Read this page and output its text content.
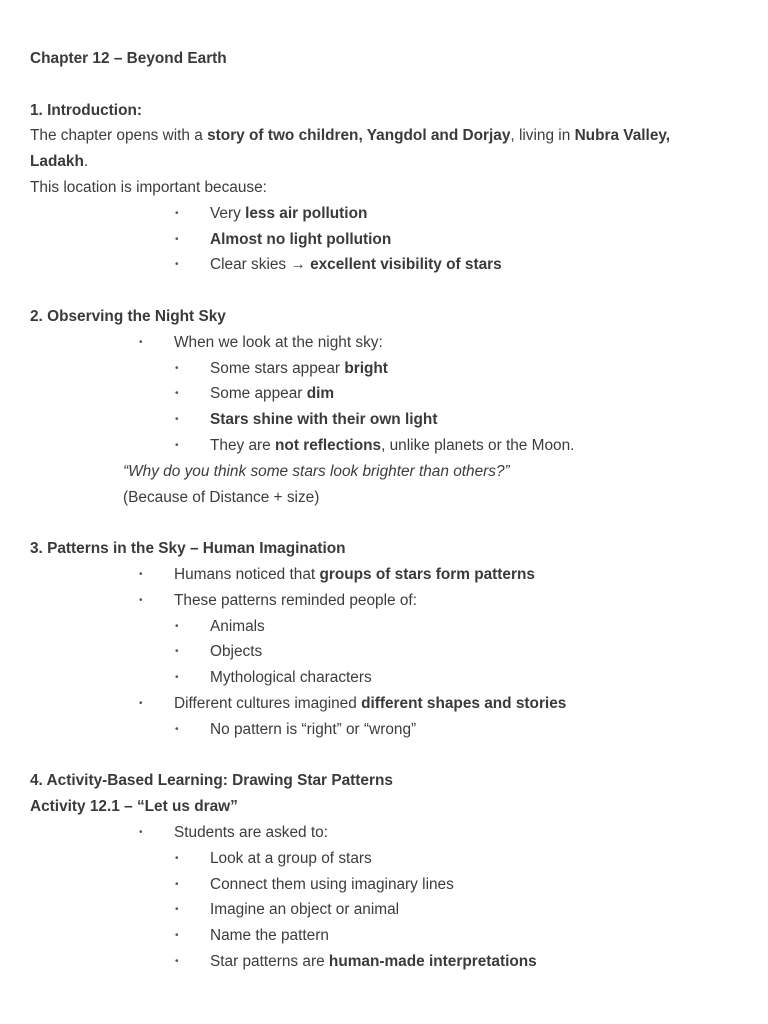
Chapter 12 – Beyond Earth
1. Introduction:
The chapter opens with a story of two children, Yangdol and Dorjay, living in Nubra Valley, Ladakh.
This location is important because:
• Very less air pollution
• Almost no light pollution
• Clear skies → excellent visibility of stars
2. Observing the Night Sky
• When we look at the night sky:
• Some stars appear bright
• Some appear dim
• Stars shine with their own light
• They are not reflections, unlike planets or the Moon.
“Why do you think some stars look brighter than others?”
(Because of Distance + size)
3. Patterns in the Sky – Human Imagination
• Humans noticed that groups of stars form patterns
• These patterns reminded people of:
• Animals
• Objects
• Mythological characters
• Different cultures imagined different shapes and stories
• No pattern is “right” or “wrong”
4. Activity-Based Learning: Drawing Star Patterns
Activity 12.1 – “Let us draw”
• Students are asked to:
• Look at a group of stars
• Connect them using imaginary lines
• Imagine an object or animal
• Name the pattern
• Star patterns are human-made interpretations
